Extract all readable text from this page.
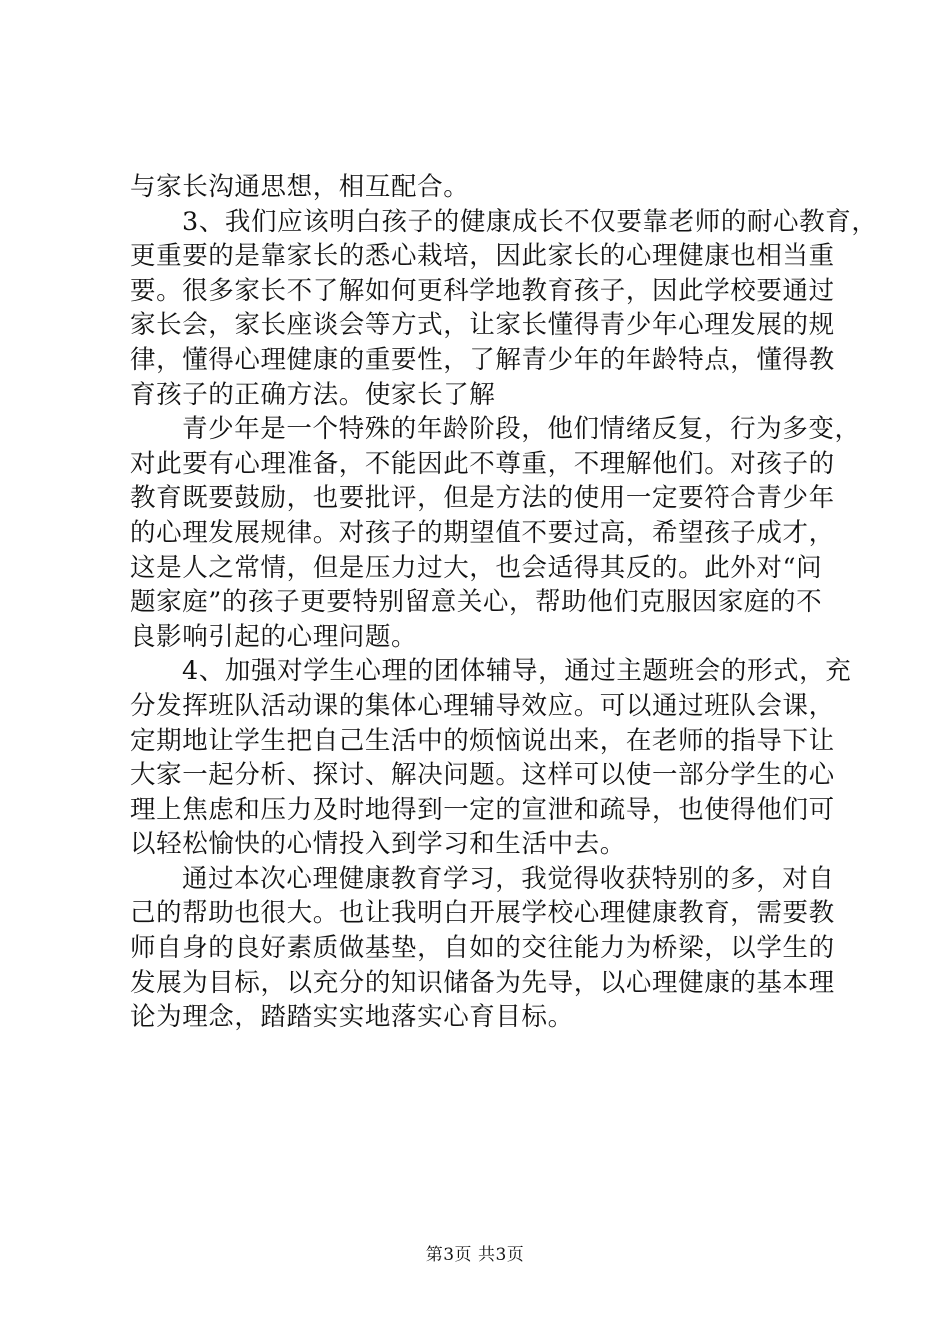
与家长沟通思想，相互配合。
3、我们应该明白孩子的健康成长不仅要靠老师的耐心教育，
更重要的是靠家长的悉心栽培，因此家长的心理健康也相当重
要。很多家长不了解如何更科学地教育孩子，因此学校要通过
家长会，家长座谈会等方式，让家长懂得青少年心理发展的规
律，懂得心理健康的重要性，了解青少年的年龄特点，懂得教
育孩子的正确方法。使家长了解
青少年是一个特殊的年龄阶段，他们情绪反复，行为多变，
对此要有心理准备，不能因此不尊重，不理解他们。对孩子的
教育既要鼓励，也要批评，但是方法的使用一定要符合青少年
的心理发展规律。对孩子的期望值不要过高，希望孩子成才，
这是人之常情，但是压力过大，也会适得其反的。此外对“问
题家庭”的孩子更要特别留意关心，帮助他们克服因家庭的不
良影响引起的心理问题。
4、加强对学生心理的团体辅导，通过主题班会的形式，充
分发挥班队活动课的集体心理辅导效应。可以通过班队会课，
定期地让学生把自己生活中的烦恼说出来，在老师的指导下让
大家一起分析、探讨、解决问题。这样可以使一部分学生的心
理上焦虑和压力及时地得到一定的宣泄和疏导，也使得他们可
以轻松愉快的心情投入到学习和生活中去。
通过本次心理健康教育学习，我觉得收获特别的多，对自
己的帮助也很大。也让我明白开展学校心理健康教育，需要教
师自身的良好素质做基垫，自如的交往能力为桥梁，以学生的
发展为目标，以充分的知识储备为先导，以心理健康的基本理
论为理念，踏踏实实地落实心育目标。
第3页 共3页
